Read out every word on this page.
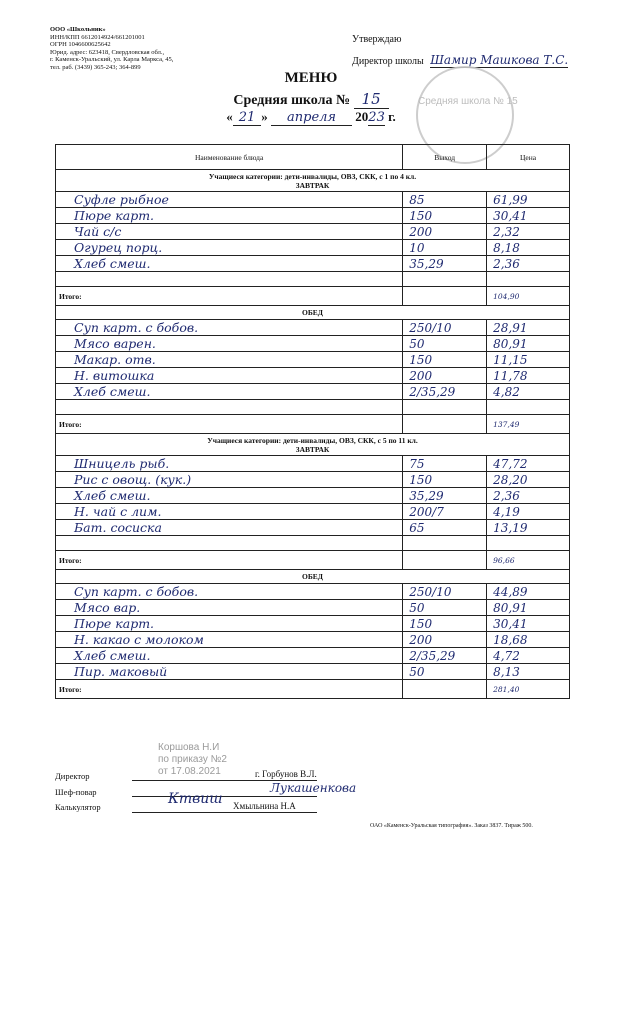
ООО «Школьник»
ИНН/КПП 6612014924/661201001
ОГРН 1046600625642
Юрид. адрес: 623418, Свердловская обл.,
г. Каменск-Уральский, ул. Карла Маркса, 45,
тел. раб. (3439) 365-243; 364-899
Утверждаю
Директор школы Шамир Машкова Т.С.
Средняя школа № 15
МЕНЮ
Средняя школа № 15
« 21 » апреля 2023 г.
Наименование блюда	Выход	Цена

Учащиеся категории: дети-инвалиды, ОВЗ, СКК, с 1 по 4 кл.
ЗАВТРАК		

Суфле рыбное	85	61,99
Пюре карт.	150	30,41
Чай с/с	200	2,32
Огурец порц.	10	8,18
Хлеб смеш.	35,29	2,36

Итого:		104,90
ОБЕД		
Суп карт. с бобов.	250/10	28,91
Мясо варен.	50	80,91
Макар. отв.	150	11,15
Н. витошка	200	11,78
Хлеб смеш.	2/35,29	4,82

Итого:		137,49

Учащиеся категории: дети-инвалиды, ОВЗ, СКК, с 5 по 11 кл.
ЗАВТРАК		

Шницель рыб.	75	47,72
Рис с овощ. (кук.)	150	28,20
Хлеб смеш.	35,29	2,36
Н. чай с лим.	200/7	4,19
Бат. сосиска	65	13,19

Итого:		96,66
ОБЕД		
Суп карт. с бобов.	250/10	44,89
Мясо вар.	50	80,91
Пюре карт.	150	30,41
Н. какао с молоком	200	18,68
Хлеб смеш.	2/35,29	4,72
Пир. маковый	50	8,13
Итого:		281,40
Коршова Н.И
по приказу №2
от 17.08.2021
Директор	г. Горбунов В.Л.
Шеф-повар	Лукашенкова
Калькулятор	Ктвиш Хмыльнина Н.А
ОАО «Каменск-Уральская типография». Заказ 3837. Тираж 500.
